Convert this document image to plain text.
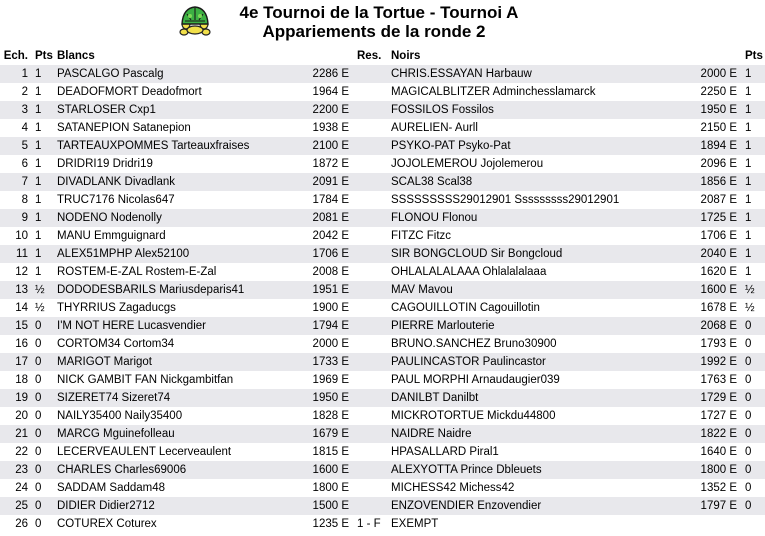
4e Tournoi de la Tortue - Tournoi A
Appariements de la ronde 2
Ech.	Pts	Blancs		Res.	Noirs		Pts
1	1	PASCALGO Pascalg	2286 E		CHRIS.ESSAYAN Harbauw	2000 E	1
2	1	DEADOFMORT Deadofmort	1964 E		MAGICALBLITZER Adminchesslamarck	2250 E	1
3	1	STARLOSER Cxp1	2200 E		FOSSILOS Fossilos	1950 E	1
4	1	SATANEPION Satanepion	1938 E		AURELIEN- Aurll	2150 E	1
5	1	TARTEAUXPOMMES Tarteauxfraises	2100 E		PSYKO-PAT Psyko-Pat	1894 E	1
6	1	DRIDRI19 Dridri19	1872 E		JOJOLEMEROU Jojolemerou	2096 E	1
7	1	DIVADLANK Divadlank	2091 E		SCAL38 Scal38	1856 E	1
8	1	TRUC7176 Nicolas647	1784 E		SSSSSSSSS29012901 Sssssssss29012901	2087 E	1
9	1	NODENO Nodenolly	2081 E		FLONOU Flonou	1725 E	1
10	1	MANU Emmguignard	2042 E		FITZC Fitzc	1706 E	1
11	1	ALEX51MPHP Alex52100	1706 E		SIR BONGCLOUD Sir Bongcloud	2040 E	1
12	1	ROSTEM-E-ZAL Rostem-E-Zal	2008 E		OHLALALALAAA Ohlalalalaaa	1620 E	1
13	½	DODODESBARILS Mariusdeparis41	1951 E		MAV Mavou	1600 E	½
14	½	THYRRIUS Zagaducgs	1900 E		CAGOUILLOTIN Cagouillotin	1678 E	½
15	0	I'M NOT HERE Lucasvendier	1794 E		PIERRE Marlouterie	2068 E	0
16	0	CORTOM34 Cortom34	2000 E		BRUNO.SANCHEZ Bruno30900	1793 E	0
17	0	MARIGOT Marigot	1733 E		PAULINCASTOR Paulincastor	1992 E	0
18	0	NICK GAMBIT FAN Nickgambitfan	1969 E		PAUL MORPHI Arnaudaugier039	1763 E	0
19	0	SIZERET74 Sizeret74	1950 E		DANILBT Danilbt	1729 E	0
20	0	NAILY35400 Naily35400	1828 E		MICKROTORTUE Mickdu44800	1727 E	0
21	0	MARCG Mguinefolleau	1679 E		NAIDRE Naidre	1822 E	0
22	0	LECERVEAULENT Lecerveaulent	1815 E		HPASALLARD Piral1	1640 E	0
23	0	CHARLES Charles69006	1600 E		ALEXYOTTA Prince Dbleuets	1800 E	0
24	0	SADDAM Saddam48	1800 E		MICHESS42 Michess42	1352 E	0
25	0	DIDIER Didier2712	1500 E		ENZOVENDIER Enzovendier	1797 E	0
26	0	COTUREX Coturex	1235 E	1 - F	EXEMPT		
